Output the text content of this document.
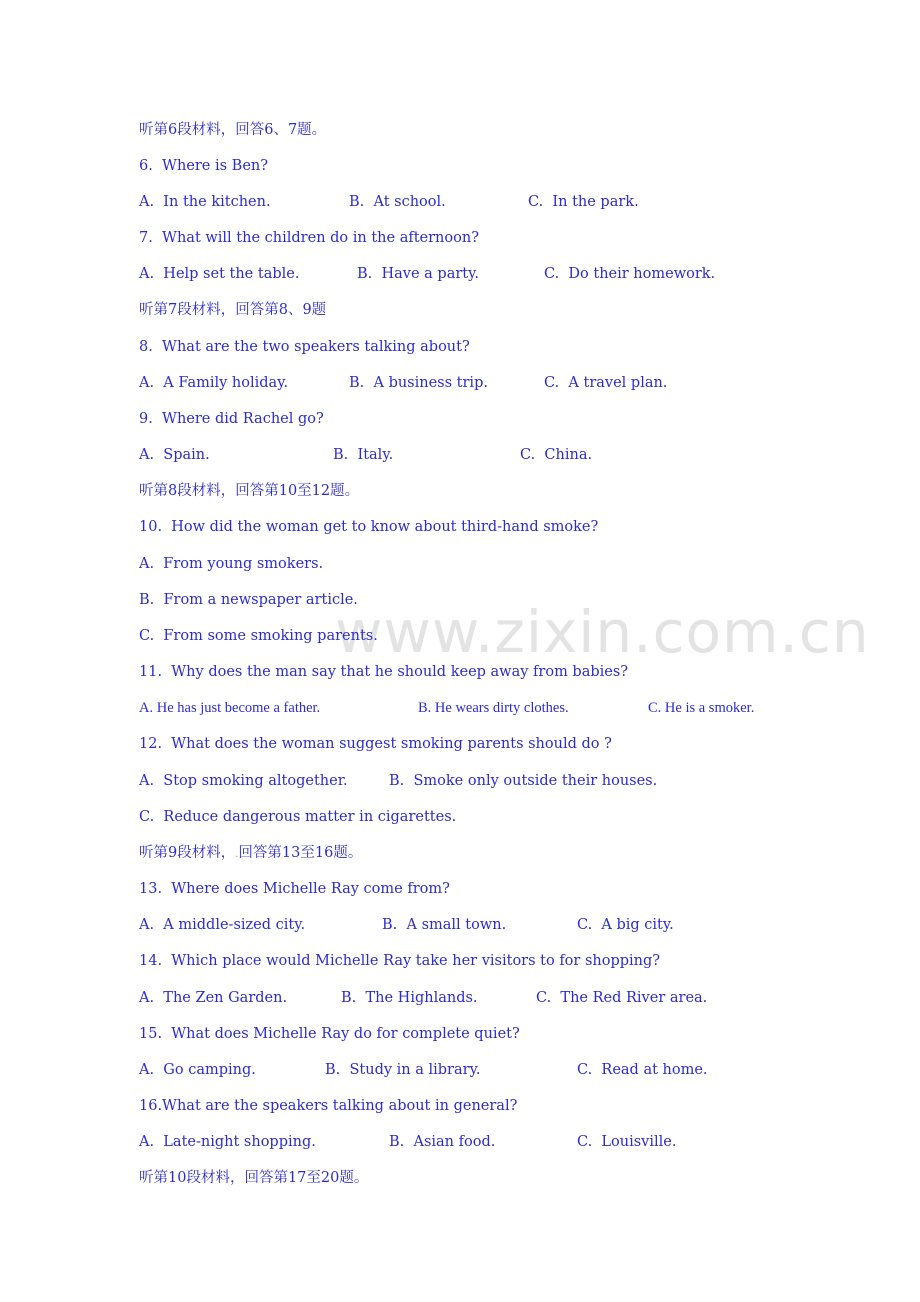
www.zixin.com.cn
听第6段材料，回答6、7题。
6.  Where is Ben?

A.  In the kitchen.

	B.  At school.

	C.  In the park.

7.  What will the children do in the afternoon?

A.  Help set the table.

	B.  Have a party.

	C.  Do their homework.

听第7段材料，回答第8、9题
8.  What are the two speakers talking about?

A.  A Family holiday.

	B.  A business trip.

	C.  A travel plan.

9.  Where did Rachel go?

A.  Spain.

	B.  Italy.

	C.  China.

听第8段材料，回答第10至12题。
10.  How did the woman get to know about third-hand smoke?
A.  From young smokers.
B.  From a newspaper article.
C.  From some smoking parents.
11.  Why does the man say that he should keep away from babies?

A. He has just become a father.

	B. He wears dirty clothes.

	C. He is a smoker.

12.  What does the woman suggest smoking parents should do ?

A.  Stop smoking altogether.

	B.  Smoke only outside their houses.

C.  Reduce dangerous matter in cigarettes.
听第9段材料，.回答第13至16题。
13.  Where does Michelle Ray come from?

A.  A middle-sized city.

	B.  A small town.

	C.  A big city.

14.  Which place would Michelle Ray take her visitors to for shopping?

A.  The Zen Garden.

	B.  The Highlands.

	C.  The Red River area.

15.  What does Michelle Ray do for complete quiet?

A.  Go camping.

	B.  Study in a library.

	C.  Read at home.

16.What are the speakers talking about in general?

A.  Late-night shopping.

	B.  Asian food.

	C.  Louisville.

听第10段材料，回答第17至20题。
